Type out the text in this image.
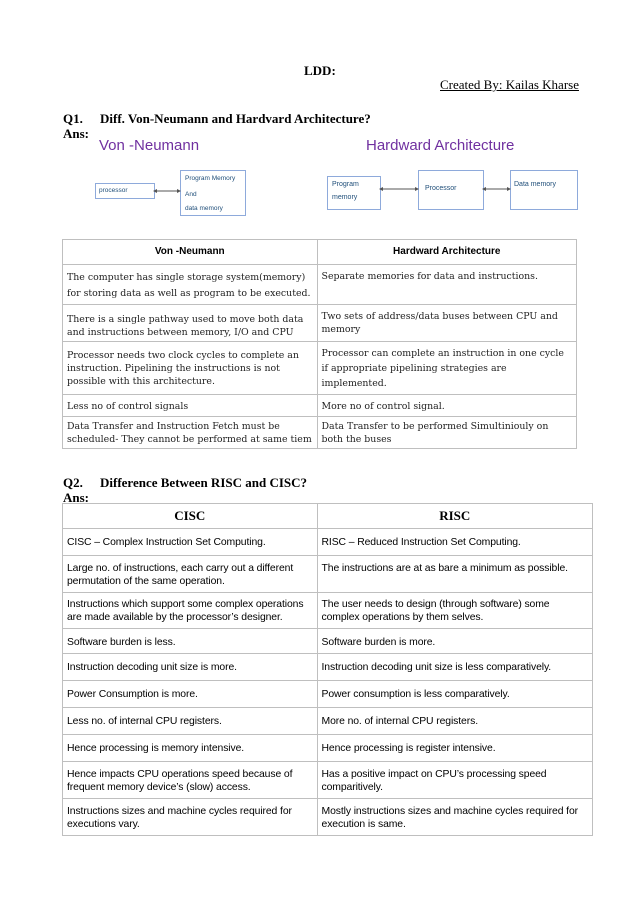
LDD:
Created By: Kailas Kharse
Q1. Diff. Von-Neumann and Hardvard Architecture?
Ans:
Von -Neumann	Hardward Architecture
processor
Program Memory
And
data memory
Program
memory
Processor
Data memory
Von -Neumann	Hardward Architecture
The computer has single storage system(memory) for storing data as well as program to be executed.	Separate memories for data and instructions.
There is a single pathway used to move both data and instructions between memory, I/O and CPU	Two sets of address/data buses between CPU and memory
Processor needs two clock cycles to complete an instruction. Pipelining the instructions is not possible with this architecture.	Processor can complete an instruction in one cycle if appropriate pipelining strategies are implemented.
Less no of control signals	More no of control signal.
Data Transfer and Instruction Fetch must be scheduled- They cannot be performed at same tiem	Data Transfer to be performed Simultiniouly on both the buses
Q2. Difference Between RISC and CISC?
Ans:
CISC	RISC
CISC – Complex Instruction Set Computing.	RISC – Reduced Instruction Set Computing.
Large no. of instructions, each carry out a different permutation of the same operation.	The instructions are at as bare a minimum as possible.
Instructions which support some complex operations are made available by the processor’s designer.	The user needs to design (through software) some complex operations by them selves.
Software burden is less.	Software burden is more.
Instruction decoding unit size is more.	Instruction decoding unit size is less comparatively.
Power Consumption is more.	Power consumption is less comparatively.
Less no. of internal CPU registers.	More no. of internal CPU registers.
Hence processing is memory intensive.	Hence processing is register intensive.
Hence impacts CPU operations speed because of frequent memory device’s (slow) access.	Has a positive impact on CPU’s processing speed comparitively.
Instructions sizes and machine cycles required for executions vary.	Mostly instructions sizes and machine cycles required for execution is same.
